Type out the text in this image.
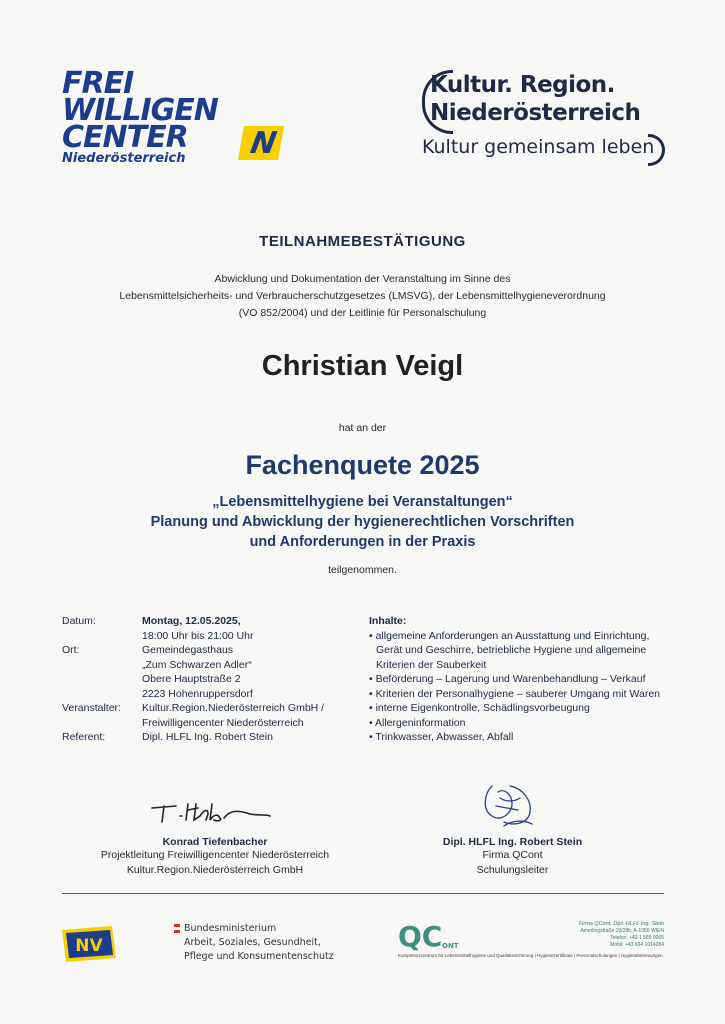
FREI
WILLIGEN
CENTER
Niederösterreich	N
Kultur. Region.
Niederösterreich
Kultur gemeinsam leben
TEILNAHMEBESTÄTIGUNG
Abwicklung und Dokumentation der Veranstaltung im Sinne des
Lebensmittelsicherheits- und Verbraucherschutzgesetzes (LMSVG), der Lebensmittelhygieneverordnung
(VO 852/2004) und der Leitlinie für Personalschulung
Christian Veigl
hat an der
Fachenquete 2025
„Lebensmittelhygiene bei Veranstaltungen“
Planung und Abwicklung der hygienerechtlichen Vorschriften
und Anforderungen in der Praxis
teilgenommen.
Datum:	Montag, 12.05.2025,
18:00 Uhr bis 21:00 Uhr
Ort:	Gemeindegasthaus
„Zum Schwarzen Adler“
Obere Hauptstraße 2
2223 Hohenruppersdorf
Veranstalter:	Kultur.Region.Niederösterreich GmbH /
Freiwilligencenter Niederösterreich
Referent:	Dipl. HLFL Ing. Robert Stein
Inhalte:
• allgemeine Anforderungen an Ausstattung und Einrichtung, Gerät und Geschirre, betriebliche Hygiene und allgemeine Kriterien der Sauberkeit
• Beförderung – Lagerung und Warenbehandlung – Verkauf
• Kriterien der Personalhygiene – sauberer Umgang mit Waren
• interne Eigenkontrolle, Schädlingsvorbeugung
• Allergeninformation
• Trinkwasser, Abwasser, Abfall
Konrad Tiefenbacher
Projektleitung Freiwilligencenter Niederösterreich
Kultur.Region.Niederösterreich GmbH
Dipl. HLFL Ing. Robert Stein
Firma QCont
Schulungsleiter
NV
Bundesministerium
Arbeit, Soziales, Gesundheit,
Pflege und Konsumentenschutz
QC ONT
Firma QCont, Dipl. HLFL Ing. Stein
Amerlingstraße 19/28b, A-1060 WIEN
Telefon: +43 1 585 9005
Mobil: +43 664 1014284
Kompetenzzentrum für Lebensmittelhygiene und Qualitätssicherung | Hygienezertifikate | Personalschulungen | Hygienebetreuungen
